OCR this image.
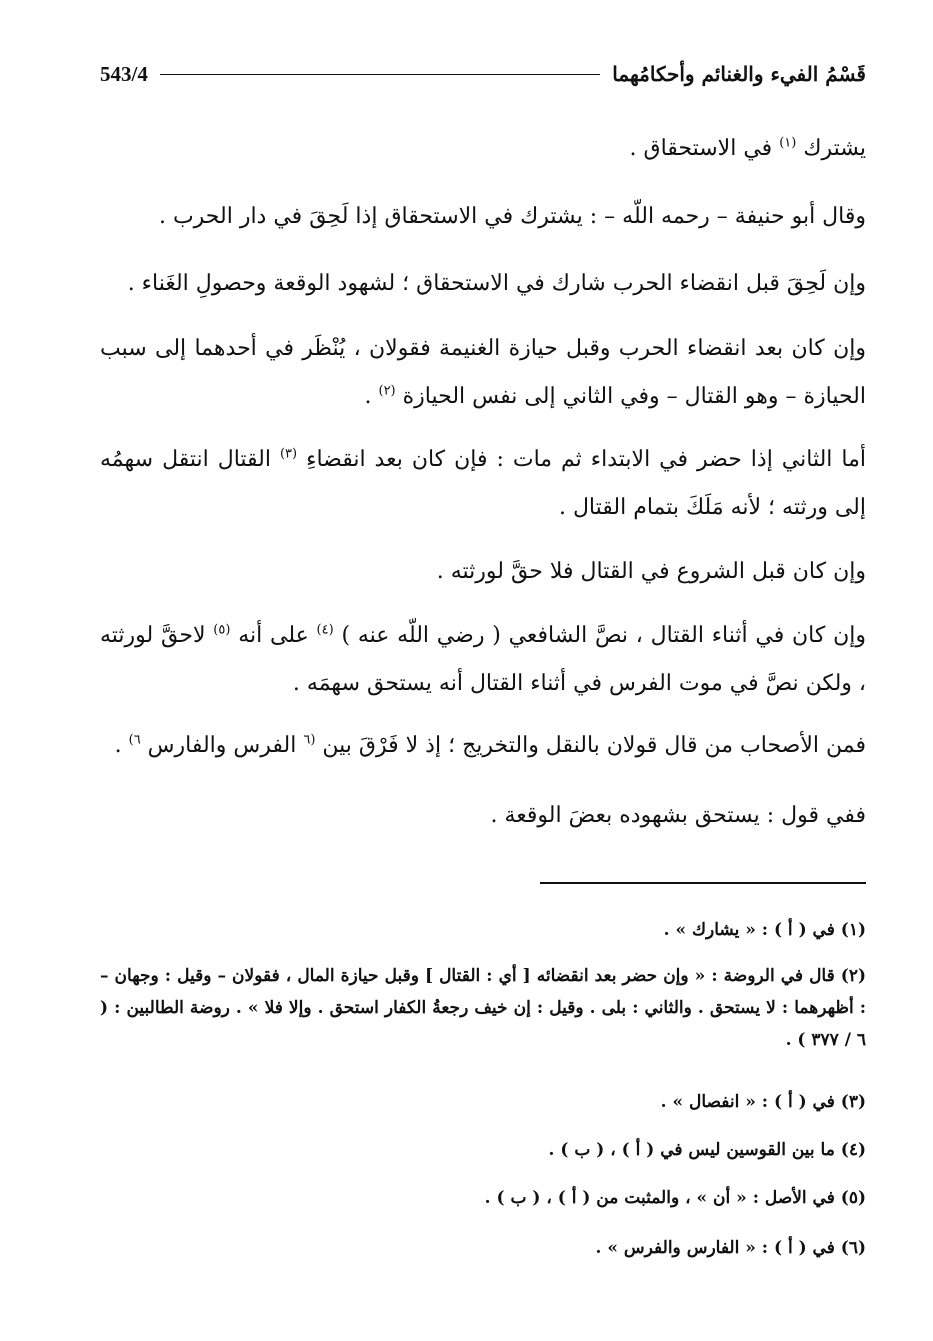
قَسْمُ الفيء والغنائم وأحكامُهما
543/4

يشترك $^{(١)}$ في الاستحقاق .

وقال أبو حنيفة – رحمه اللّه – : يشترك في الاستحقاق إذا لَحِقَ في دار الحرب .

وإن لَحِقَ قبل انقضاء الحرب شارك في الاستحقاق ؛ لشهود الوقعة وحصولِ الغَناء .

وإن كان بعد انقضاء الحرب وقبل حيازة الغنيمة فقولان ، يُنْظَر في أحدهما إلى سبب الحيازة – وهو القتال – وفي الثاني إلى نفس الحيازة $^{(٢)}$ .

أما الثاني إذا حضر في الابتداء ثم مات : فإن كان بعد انقضاءِ $^{(٣)}$ القتال انتقل سهمُه إلى ورثته ؛ لأنه مَلَكَ بتمام القتال .

وإن كان قبل الشروع في القتال فلا حقَّ لورثته .

وإن كان في أثناء القتال ، نصَّ الشافعي ( رضي اللّه عنه ) $^{(٤)}$ على أنه $^{(٥)}$ لاحقَّ لورثته ، ولكن نصَّ في موت الفرس في أثناء القتال أنه يستحق سهمَه .

فمن الأصحاب من قال قولان بالنقل والتخريج ؛ إذ لا فَرْقَ بين $^{(٦}$ الفرس والفارس $^{٦)}$ .

ففي قول : يستحق بشهوده بعضَ الوقعة .

(١) في ( أ ) : « يشارك » .

(٢) قال في الروضة : « وإن حضر بعد انقضائه [ أي : القتال ] وقبل حيازة المال ، فقولان – وقيل : وجهان – : أظهرهما : لا يستحق . والثاني : بلى . وقيل : إن خيف رجعةُ الكفار استحق . وإلا فلا » . روضة الطالبين : ( ٦ / ٣٧٧ ) .

(٣) في ( أ ) : « انفصال » .

(٤) ما بين القوسين ليس في ( أ ) ، ( ب ) .

(٥) في الأصل : « أن » ، والمثبت من ( أ ) ، ( ب ) .

(٦) في ( أ ) : « الفارس والفرس » .
